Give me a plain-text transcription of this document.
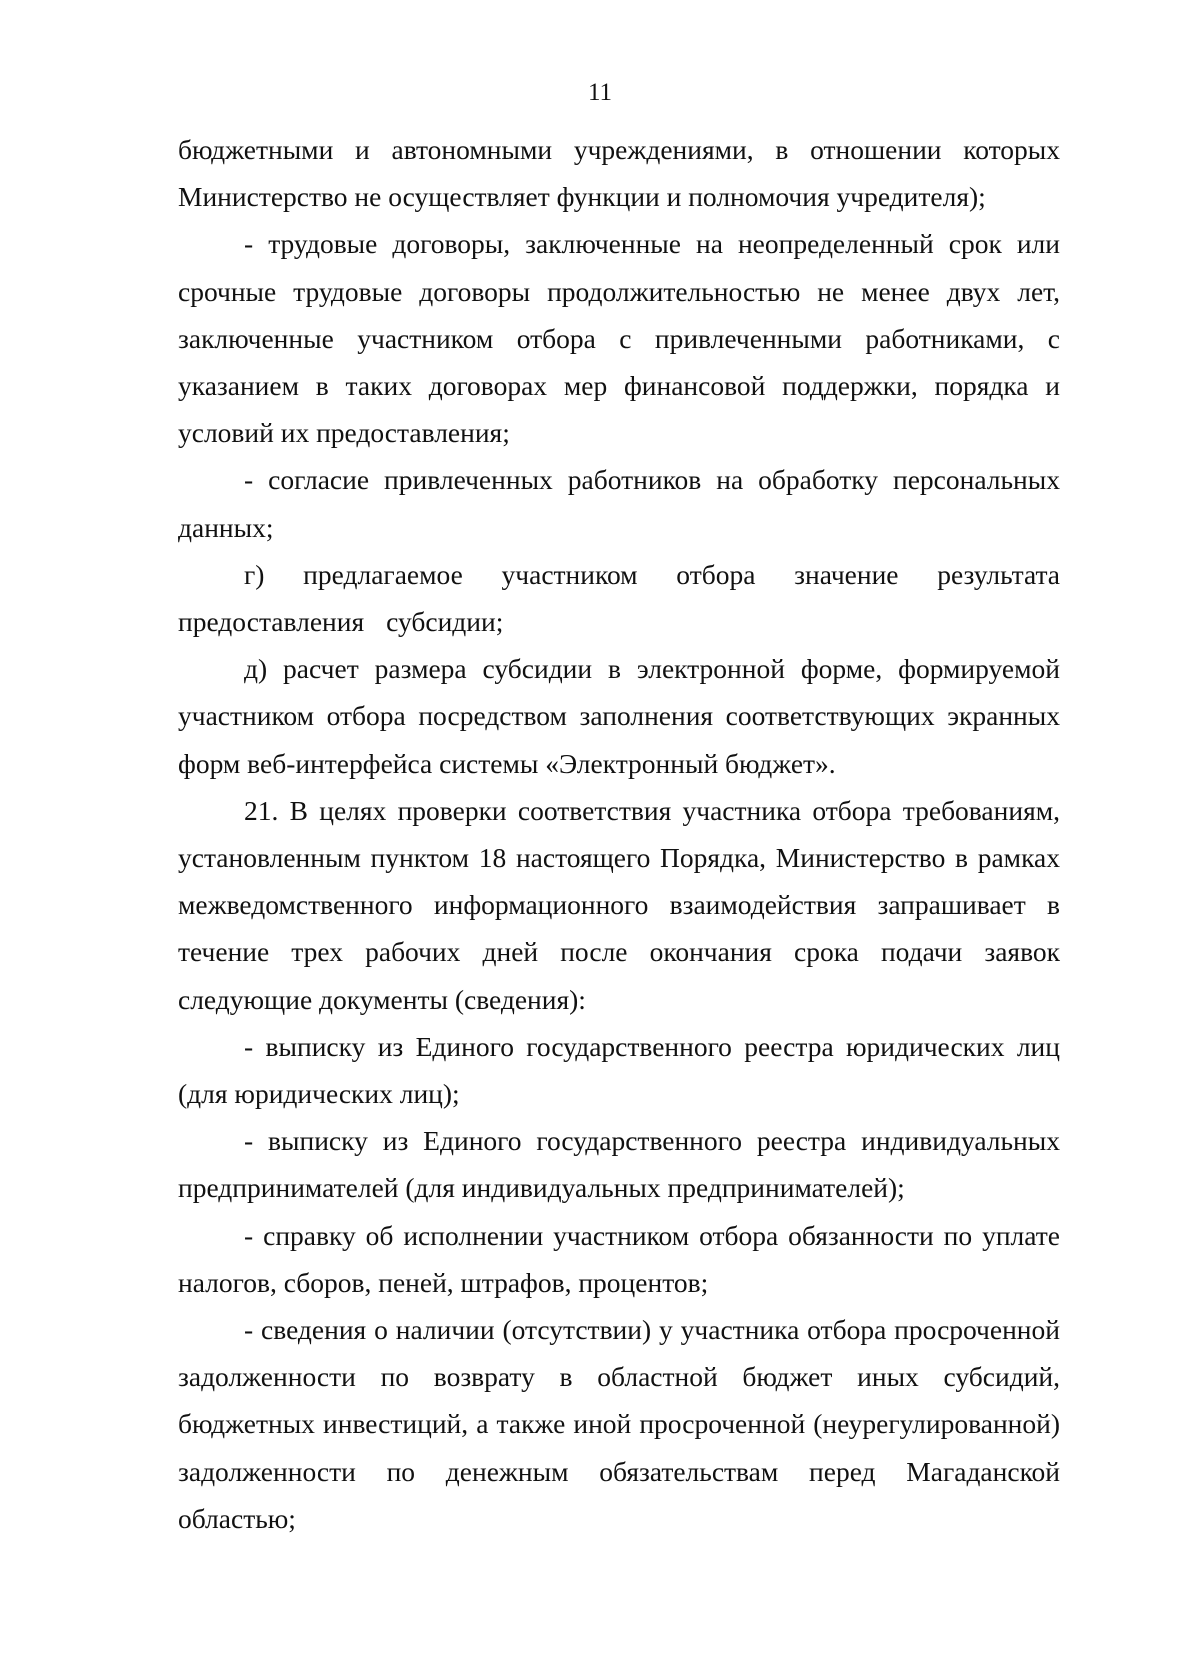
11

бюджетными и автономными учреждениями, в отношении которых Министерство не осуществляет функции и полномочия учредителя);

- трудовые договоры, заключенные на неопределенный срок или срочные трудовые договоры продолжительностью не менее двух лет, заключенные участником отбора с привлеченными работниками, с указанием в таких договорах мер финансовой поддержки, порядка и условий их предоставления;

- согласие привлеченных работников на обработку персональных данных;

г) предлагаемое участником отбора значение результата предоставления субсидии;

д) расчет размера субсидии в электронной форме, формируемой участником отбора посредством заполнения соответствующих экранных форм веб-интерфейса системы «Электронный бюджет».

21. В целях проверки соответствия участника отбора требованиям, установленным пунктом 18 настоящего Порядка, Министерство в рамках межведомственного информационного взаимодействия запрашивает в течение трех рабочих дней после окончания срока подачи заявок следующие документы (сведения):

- выписку из Единого государственного реестра юридических лиц (для юридических лиц);

- выписку из Единого государственного реестра индивидуальных предпринимателей (для индивидуальных предпринимателей);

- справку об исполнении участником отбора обязанности по уплате налогов, сборов, пеней, штрафов, процентов;

- сведения о наличии (отсутствии) у участника отбора просроченной задолженности по возврату в областной бюджет иных субсидий, бюджетных инвестиций, а также иной просроченной (неурегулированной) задолженности по денежным обязательствам перед Магаданской областью;
